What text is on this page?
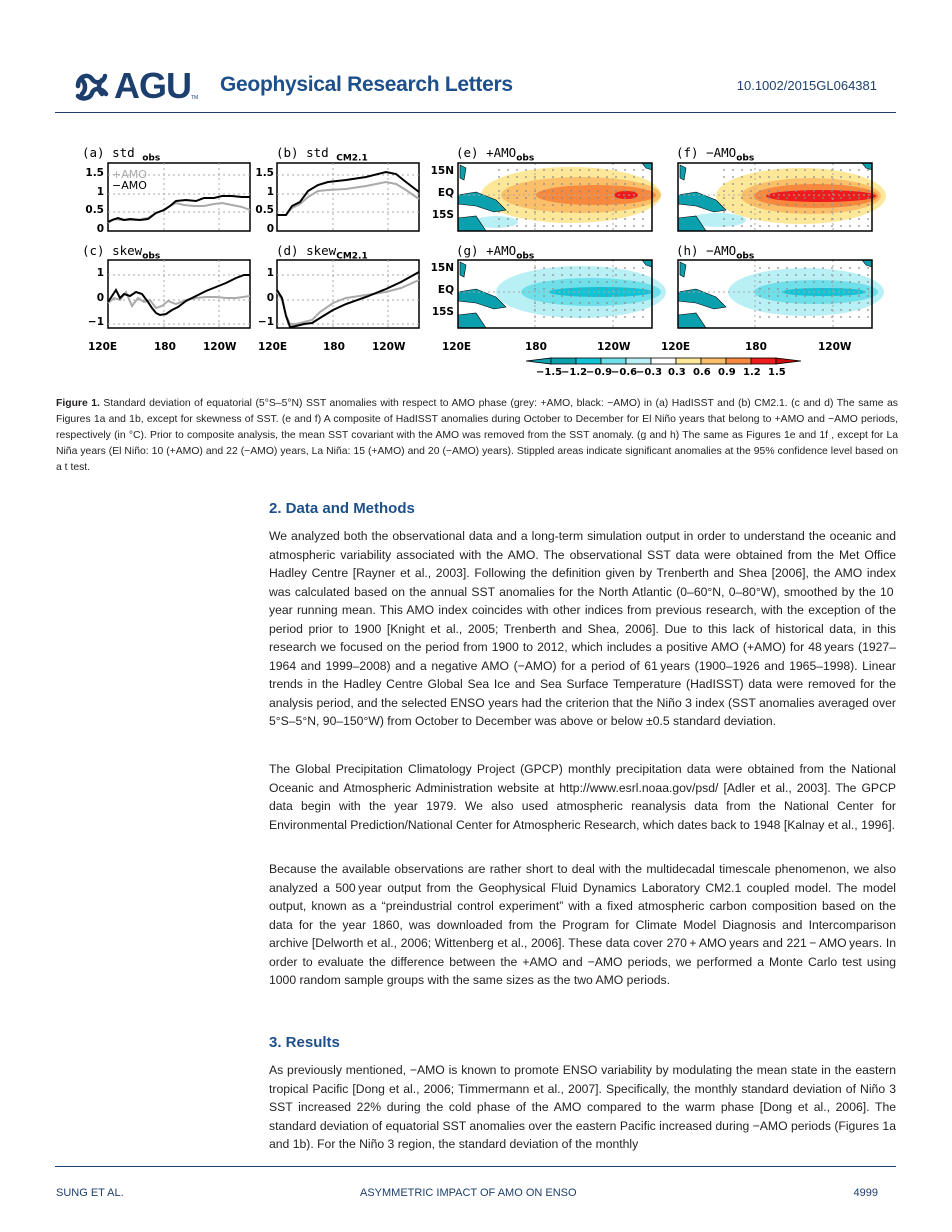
AGU TM
Geophysical Research Letters	10.1002/2015GL064381
+AMO
−AMO
(a) std $_{obs}$	(b) std $_{CM2.1}$
(c) skew$_{obs}$	(d) skew$_{CM2.1}$
$(e) +AMO_{obs}$	$(f) -AMO_{obs}$
$(g) +AMO_{obs}$	$(h) -AMO_{obs}$
1.5
1
0.5
0
1.5
1
0.5
0
1
0
−1
1
0
−1
15N
EQ
15S
15N
EQ
15S
120E	180	120W 120E	180	120W	120E	180	120W	120E	180	120W
−1.5
−1.2
−0.9
−0.6
−0.3 0.3 0.6 0.9 1.2 1.5
Figure 1. Standard deviation of equatorial (5°S–5°N) SST anomalies with respect to AMO phase (grey: +AMO, black: −AMO) in (a) HadISST and (b) CM2.1. (c and d) The same as Figures 1a and 1b, except for skewness of SST. (e and f) A composite of HadISST anomalies during October to December for El Niño years that belong to +AMO and −AMO periods, respectively (in °C). Prior to composite analysis, the mean SST covariant with the AMO was removed from the SST anomaly. (g and h) The same as Figures 1e and 1f , except for La Niña years (El Niño: 10 (+AMO) and 22 (−AMO) years, La Niña: 15 (+AMO) and 20 (−AMO) years). Stippled areas indicate significant anomalies at the 95% confidence level based on a t test.
2. Data and Methods
We analyzed both the observational data and a long-term simulation output in order to understand the oceanic and atmospheric variability associated with the AMO. The observational SST data were obtained from the Met Office Hadley Centre [Rayner et al., 2003]. Following the definition given by Trenberth and Shea [2006], the AMO index was calculated based on the annual SST anomalies for the North Atlantic (0–60°N, 0–80°W), smoothed by the 10 year running mean. This AMO index coincides with other indices from previous research, with the exception of the period prior to 1900 [Knight et al., 2005; Trenberth and Shea, 2006]. Due to this lack of historical data, in this research we focused on the period from 1900 to 2012, which includes a positive AMO (+AMO) for 48 years (1927–1964 and 1999–2008) and a negative AMO (−AMO) for a period of 61 years (1900–1926 and 1965–1998). Linear trends in the Hadley Centre Global Sea Ice and Sea Surface Temperature (HadISST) data were removed for the analysis period, and the selected ENSO years had the criterion that the Niño 3 index (SST anomalies averaged over 5°S–5°N, 90–150°W) from October to December was above or below ±0.5 standard deviation.
The Global Precipitation Climatology Project (GPCP) monthly precipitation data were obtained from the National Oceanic and Atmospheric Administration website at http://www.esrl.noaa.gov/psd/ [Adler et al., 2003]. The GPCP data begin with the year 1979. We also used atmospheric reanalysis data from the National Center for Environmental Prediction/National Center for Atmospheric Research, which dates back to 1948 [Kalnay et al., 1996].
Because the available observations are rather short to deal with the multidecadal timescale phenomenon, we also analyzed a 500 year output from the Geophysical Fluid Dynamics Laboratory CM2.1 coupled model. The model output, known as a “preindustrial control experiment” with a fixed atmospheric carbon composition based on the data for the year 1860, was downloaded from the Program for Climate Model Diagnosis and Intercomparison archive [Delworth et al., 2006; Wittenberg et al., 2006]. These data cover 270 + AMO years and 221 − AMO years. In order to evaluate the difference between the +AMO and −AMO periods, we performed a Monte Carlo test using 1000 random sample groups with the same sizes as the two AMO periods.
3. Results
As previously mentioned, −AMO is known to promote ENSO variability by modulating the mean state in the eastern tropical Pacific [Dong et al., 2006; Timmermann et al., 2007]. Specifically, the monthly standard deviation of Niño 3 SST increased 22% during the cold phase of the AMO compared to the warm phase [Dong et al., 2006]. The standard deviation of equatorial SST anomalies over the eastern Pacific increased during −AMO periods (Figures 1a and 1b). For the Niño 3 region, the standard deviation of the monthly
SUNG ET AL.	ASYMMETRIC IMPACT OF AMO ON ENSO	4999
